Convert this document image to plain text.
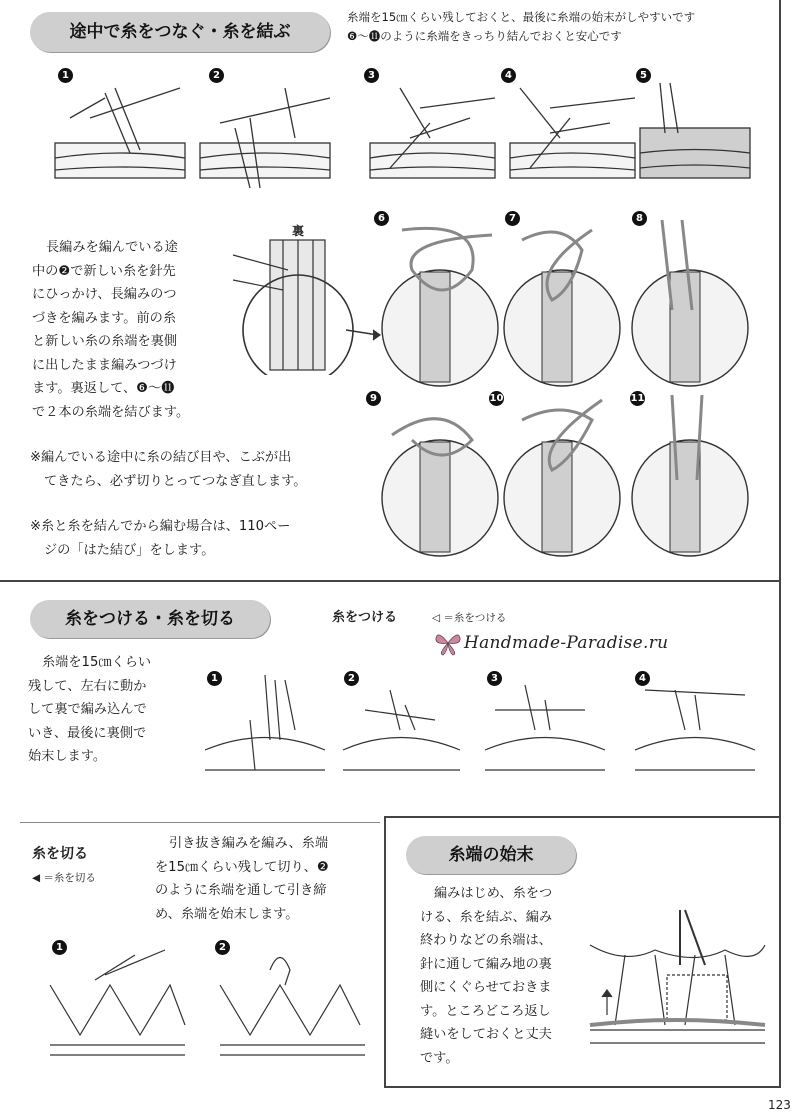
途中で糸をつなぐ・糸を結ぶ
糸端を15㎝くらい残しておくと、最後に糸端の始末がしやすいです
❻〜⓫のように糸端をきっちり結んでおくと安心です
1	2	3	4	5
長編みを編んでいる途
中の❷で新しい糸を針先
にひっかけ、長編みのつ
づきを編みます。前の糸
と新しい糸の糸端を裏側
に出したまま編みつづけ
ます。裏返して、❻〜⓫
で２本の糸端を結びます。
裏
6	7	8
9	10	11
※編んでいる途中に糸の結び目や、こぶが出
てきたら、必ず切りとってつなぎ直します。
※糸と糸を結んでから編む場合は、110ペー
ジの「はた結び」をします。
糸をつける・糸を切る	糸をつける	◁ ＝糸をつける
Handmade-Paradise.ru
糸端を15㎝くらい
残して、左右に動か
して裏で編み込んで
いき、最後に裏側で
始末します。
1	2	3	4
糸を切る
◀ ＝糸を切る
引き抜き編みを編み、糸端
を15㎝くらい残して切り、❷
のように糸端を通して引き締
め、糸端を始末します。
1	2
糸端の始末
編みはじめ、糸をつ
ける、糸を結ぶ、編み
終わりなどの糸端は、
針に通して編み地の裏
側にくぐらせておきま
す。ところどころ返し
縫いをしておくと丈夫
です。
123
